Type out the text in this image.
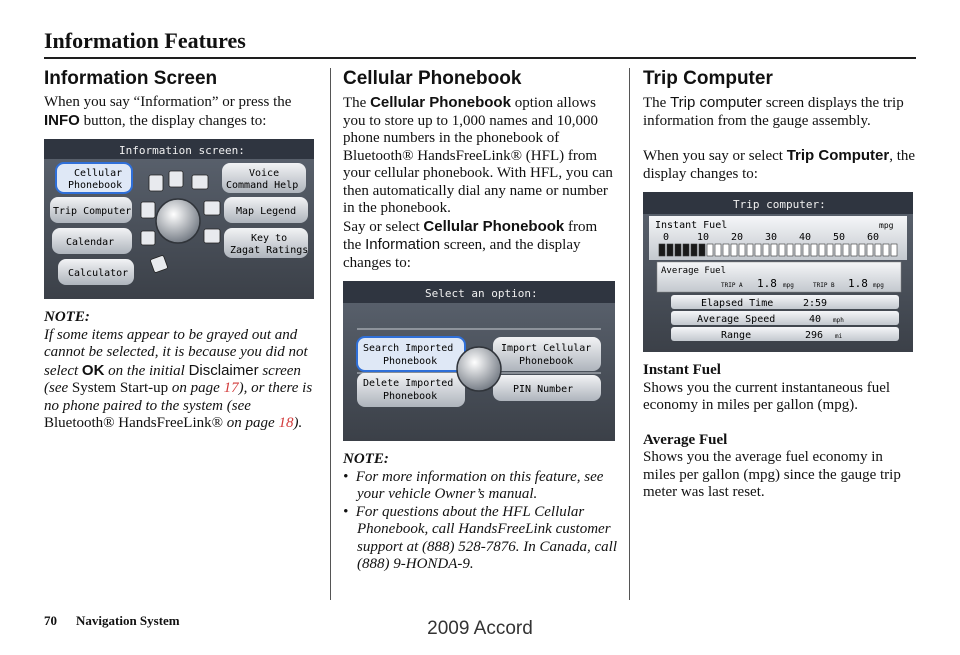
Information Features
Information Screen

When you say “Information” or press the INFO button, the display changes to:

Information screen:
Cellular
Phonebook
Trip Computer
Calendar
Calculator
Voice
Command Help
Map Legend
Key to
Zagat Ratings

NOTE:

If some items appear to be grayed out and cannot be selected, it is because you did not select OK on the initial Disclaimer screen (see System Start-up on page 17), or there is no phone paired to the system (see Bluetooth® HandsFreeLink® on page 18).

Cellular Phonebook

The Cellular Phonebook option allows you to store up to 1,000 names and 10,000 phone numbers in the phonebook of Bluetooth® HandsFreeLink® (HFL) from your cellular phonebook. With HFL, you can then automatically dial any name or number in the phonebook.
Say or select Cellular Phonebook from the Information screen, and the display changes to:

Select an option:
Search Imported
Phonebook
Delete Imported
Phonebook
Import Cellular
Phonebook
PIN Number

NOTE:

•  For more information on this feature, see your vehicle Owner’s manual.

•  For questions about the HFL Cellular Phonebook, call HandsFreeLink customer support at (888) 528-7876. In Canada, call (888) 9-HONDA-9.

Trip Computer

The Trip computer screen displays the trip information from the gauge assembly.

When you say or select Trip Computer, the display changes to:

Trip computer:
Instant Fuel	mpg
0	10 20 30 40 50 60
Average Fuel
TRIP A 1.8 mpg	TRIP B 1.8 mpg
Elapsed Time	2:59
Average Speed	40 mph
Range	296 mi

Instant Fuel

Shows you the current instantaneous fuel economy in miles per gallon (mpg).

Average Fuel

Shows you the average fuel economy in miles per gallon (mpg) since the gauge trip meter was last reset.

70 Navigation System	2009 Accord
